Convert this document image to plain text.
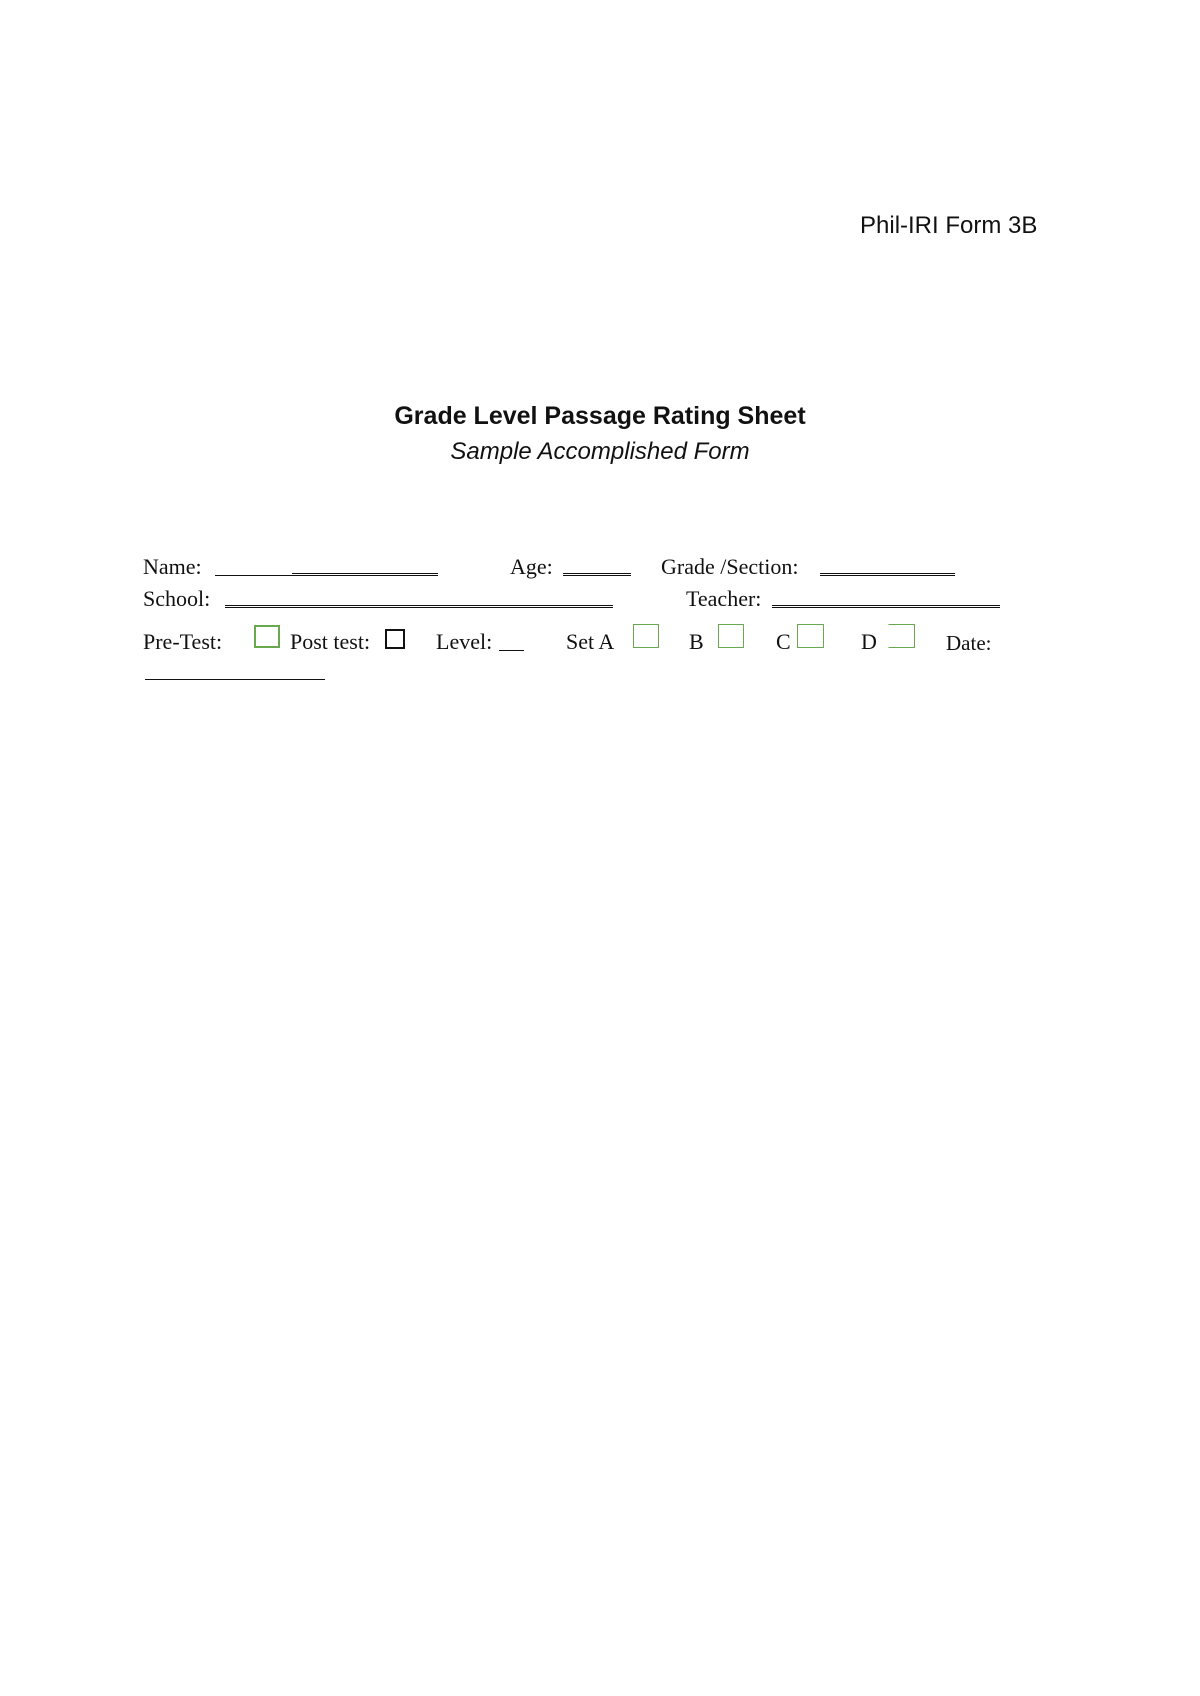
Phil-IRI Form 3B
Grade Level Passage Rating Sheet
Sample Accomplished Form
Name:	Age:	Grade /Section:
School:	Teacher:
Pre-Test:	Post test:	Level:	Set A	B	C	D	Date:
